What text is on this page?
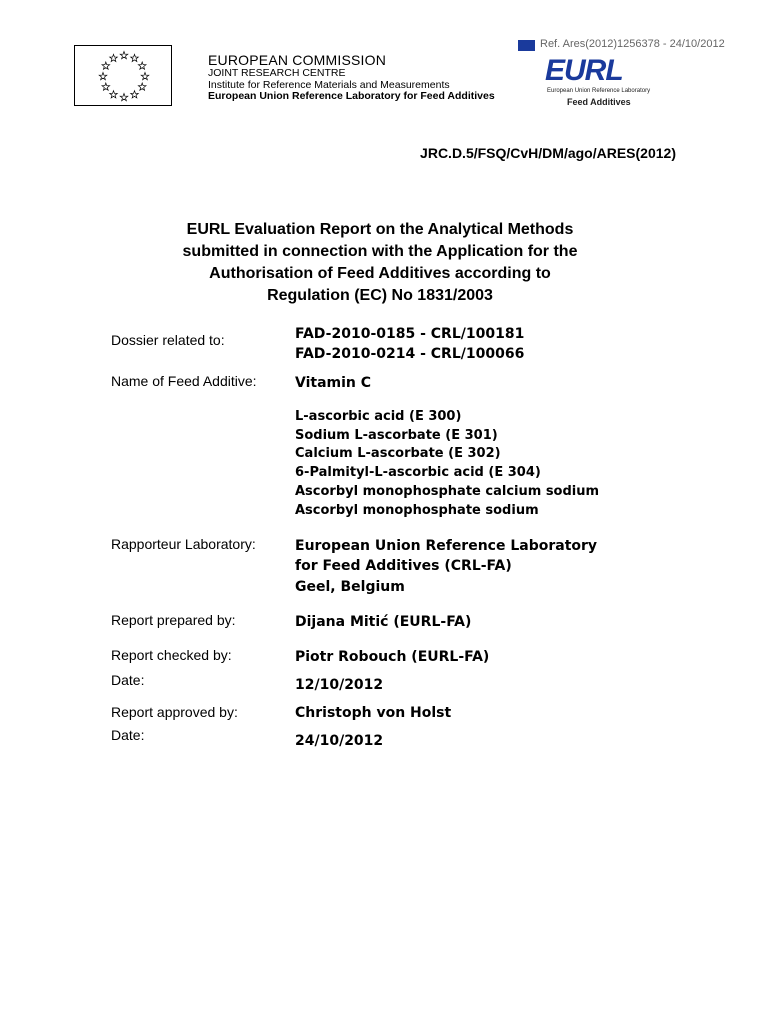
EUROPEAN COMMISSION
JOINT RESEARCH CENTRE
Institute for Reference Materials and Measurements
European Union Reference Laboratory for Feed Additives
Ref. Ares(2012)1256378 - 24/10/2012
EURL
European Union Reference Laboratory
Feed Additives
JRC.D.5/FSQ/CvH/DM/ago/ARES(2012)
EURL Evaluation Report on the Analytical Methods
submitted in connection with the Application for the
Authorisation of Feed Additives according to
Regulation (EC) No 1831/2003
Dossier related to:	FAD-2010-0185 - CRL/100181
FAD-2010-0214 - CRL/100066
Name of Feed Additive:	Vitamin C
L-ascorbic acid (E 300)
Sodium L-ascorbate (E 301)
Calcium L-ascorbate (E 302)
6-Palmityl-L-ascorbic acid (E 304)
Ascorbyl monophosphate calcium sodium
Ascorbyl monophosphate sodium
Rapporteur Laboratory:	European Union Reference Laboratory
for Feed Additives (CRL-FA)
Geel, Belgium
Report prepared by:	Dijana Mitić (EURL-FA)
Report checked by:	Piotr Robouch (EURL-FA)
Date:	12/10/2012
Report approved by:	Christoph von Holst
Date:	24/10/2012
